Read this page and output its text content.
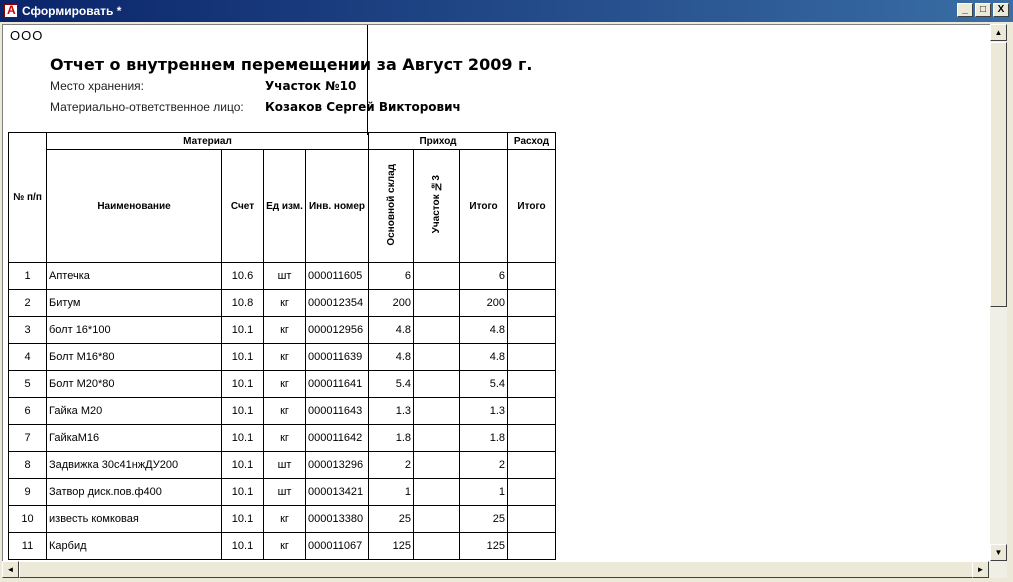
A
Сформировать *	_	□	X
ООО
Отчет о внутреннем перемещении за Август 2009 г.
Место хранения:	Участок №10
Материально-ответственное лицо: Козаков Сергей Викторович
№ п/п	Материал				Приход			Расход
	Наименование	Счет	Ед изм.	Инв. номер	Основной склад	Участок №3	Итого	Итого
1	Аптечка	10.6	шт	000011605	6		6	
2	Битум	10.8	кг	000012354	200		200	
3	болт 16*100	10.1	кг	000012956	4.8		4.8	
4	Болт М16*80	10.1	кг	000011639	4.8		4.8	
5	Болт М20*80	10.1	кг	000011641	5.4		5.4	
6	Гайка М20	10.1	кг	000011643	1.3		1.3	
7	ГайкаМ16	10.1	кг	000011642	1.8		1.8	
8	Задвижка 30с41нжДУ200	10.1	шт	000013296	2		2	
9	Затвор диск.пов.ф400	10.1	шт	000013421	1		1	
10	известь комковая	10.1	кг	000013380	25		25	
11	Карбид	10.1	кг	000011067	125		125	
▲
▼
◄	►
